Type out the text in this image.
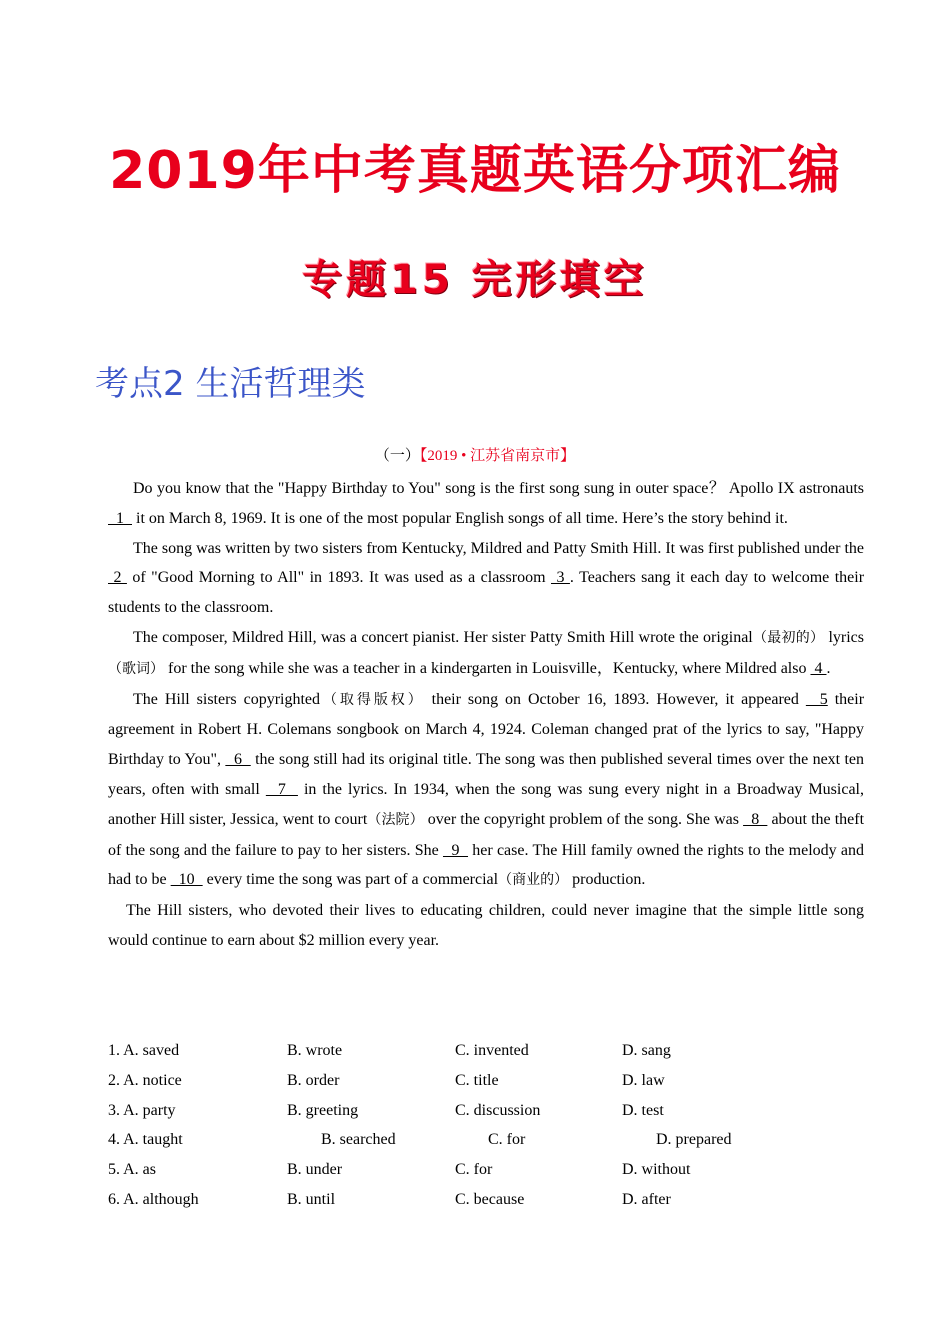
2019年中考真题英语分项汇编
专题15 完形填空
考点2 生活哲理类
（一）【2019 • 江苏省南京市】

Do you know that the "Happy Birthday to You" song is the first song sung in outer space？ Apollo IX astronauts   1   it on March 8, 1969. It is one of the most popular English songs of all time. Here’s the story behind it.

The song was written by two sisters from Kentucky, Mildred and Patty Smith Hill. It was first published under the  2  of "Good Morning to All" in 1893. It was used as a classroom  3 . Teachers sang it each day to welcome their students to the classroom.

The composer, Mildred Hill, was a concert pianist. Her sister Patty Smith Hill wrote the original（最初的） lyrics（歌词） for the song while she was a teacher in a kindergarten in Louisville，Kentucky, where Mildred also  4 .

The Hill sisters copyrighted（取得版权） their song on October 16, 1893. However, it appeared   5 their agreement in Robert H. Colemans songbook on March 4, 1924. Coleman changed prat of the lyrics to say, "Happy Birthday to You",   6   the song still had its original title. The song was then published several times over the next ten years, often with small   7   in the lyrics. In 1934, when the song was sung every night in a Broadway Musical, another Hill sister, Jessica, went to court（法院） over the copyright problem of the song. She was   8   about the theft of the song and the failure to pay to her sisters. She   9   her case. The Hill family owned the rights to the melody and had to be   10   every time the song was part of a commercial（商业的） production.

The Hill sisters, who devoted their lives to educating children, could never imagine that the simple little song would continue to earn about $2 million every year.

1. A. saved	B. wrote	C. invented	D. sang
2. A. notice	B. order	C. title	D. law
3. A. party	B. greeting	C. discussion	D. test
4. A. taught	B. searched	C. for	D. prepared
5. A. as	B. under	C. for	D. without
6. A. although	B. until	C. because	D. after
